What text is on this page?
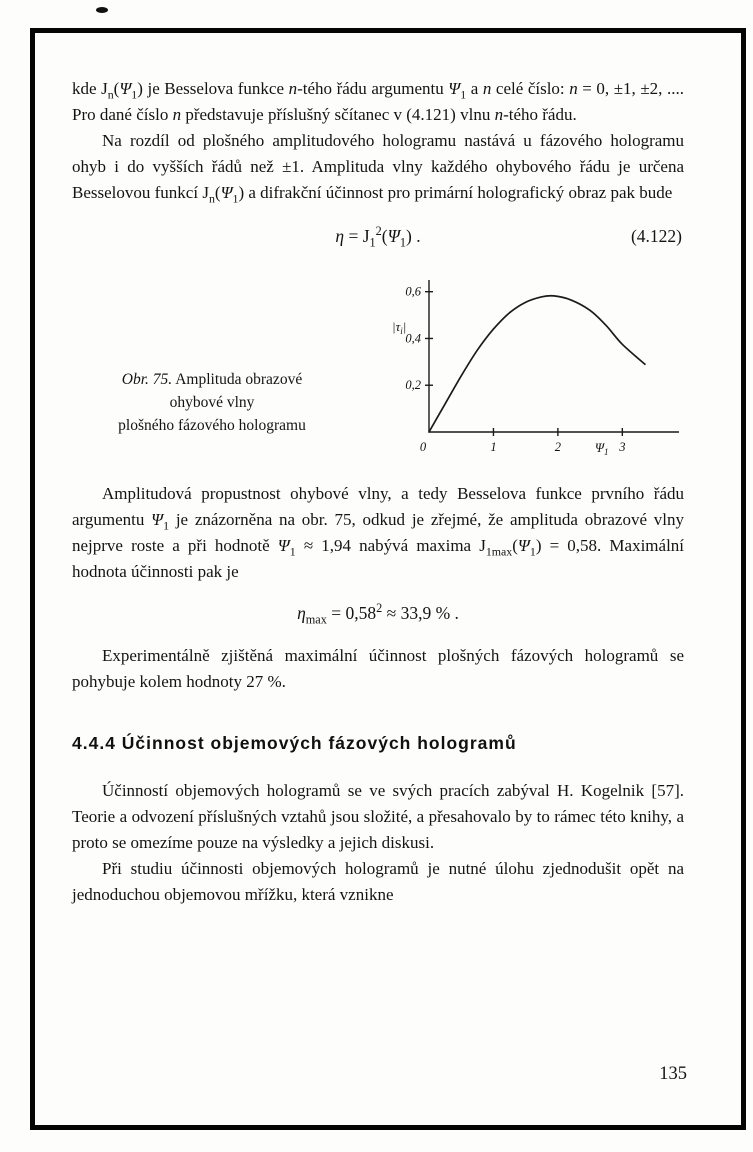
kde $J_n(\Psi_1)$ je Besselova funkce n-tého řádu argumentu $\Psi_1$ a n celé číslo: n = 0, ±1, ±2, .... Pro dané číslo n představuje příslušný sčítanec v (4.121) vlnu n-tého řádu.

Na rozdíl od plošného amplitudového hologramu nastává u fázového hologramu ohyb i do vyšších řádů než ±1. Amplituda vlny každého ohybového řádu je určena Besselovou funkcí $J_n(\Psi_1)$ a difrakční účinnost pro primární holografický obraz pak bude

$\eta = J_1^2(\Psi_1)$ .	(4.122)
Obr. 75. Amplituda obrazové
ohybové vlny
plošného fázového hologramu
0,2
0,4
0,6
0	1	2	3
$|\tau_i|$
$\Psi_1$

Amplitudová propustnost ohybové vlny, a tedy Besselova funkce prvního řádu argumentu $\Psi_1$ je znázorněna na obr. 75, odkud je zřejmé, že amplituda obrazové vlny nejprve roste a při hodnotě $\Psi_1 \approx 1,94$ nabývá maxima $J_{1max}(\Psi_1) = 0,58$. Maximální hodnota účinnosti pak je

$\eta_{max} = 0,58^2 \approx 33,9$ % .

Experimentálně zjištěná maximální účinnost plošných fázových hologramů se pohybuje kolem hodnoty 27 %.

4.4.4 Účinnost objemových fázových hologramů

Účinností objemových hologramů se ve svých pracích zabýval H. Kogelnik [57]. Teorie a odvození příslušných vztahů jsou složité, a přesahovalo by to rámec této knihy, a proto se omezíme pouze na výsledky a jejich diskusi.

Při studiu účinnosti objemových hologramů je nutné úlohu zjednodušit opět na jednoduchou objemovou mřížku, která vznikne

135
